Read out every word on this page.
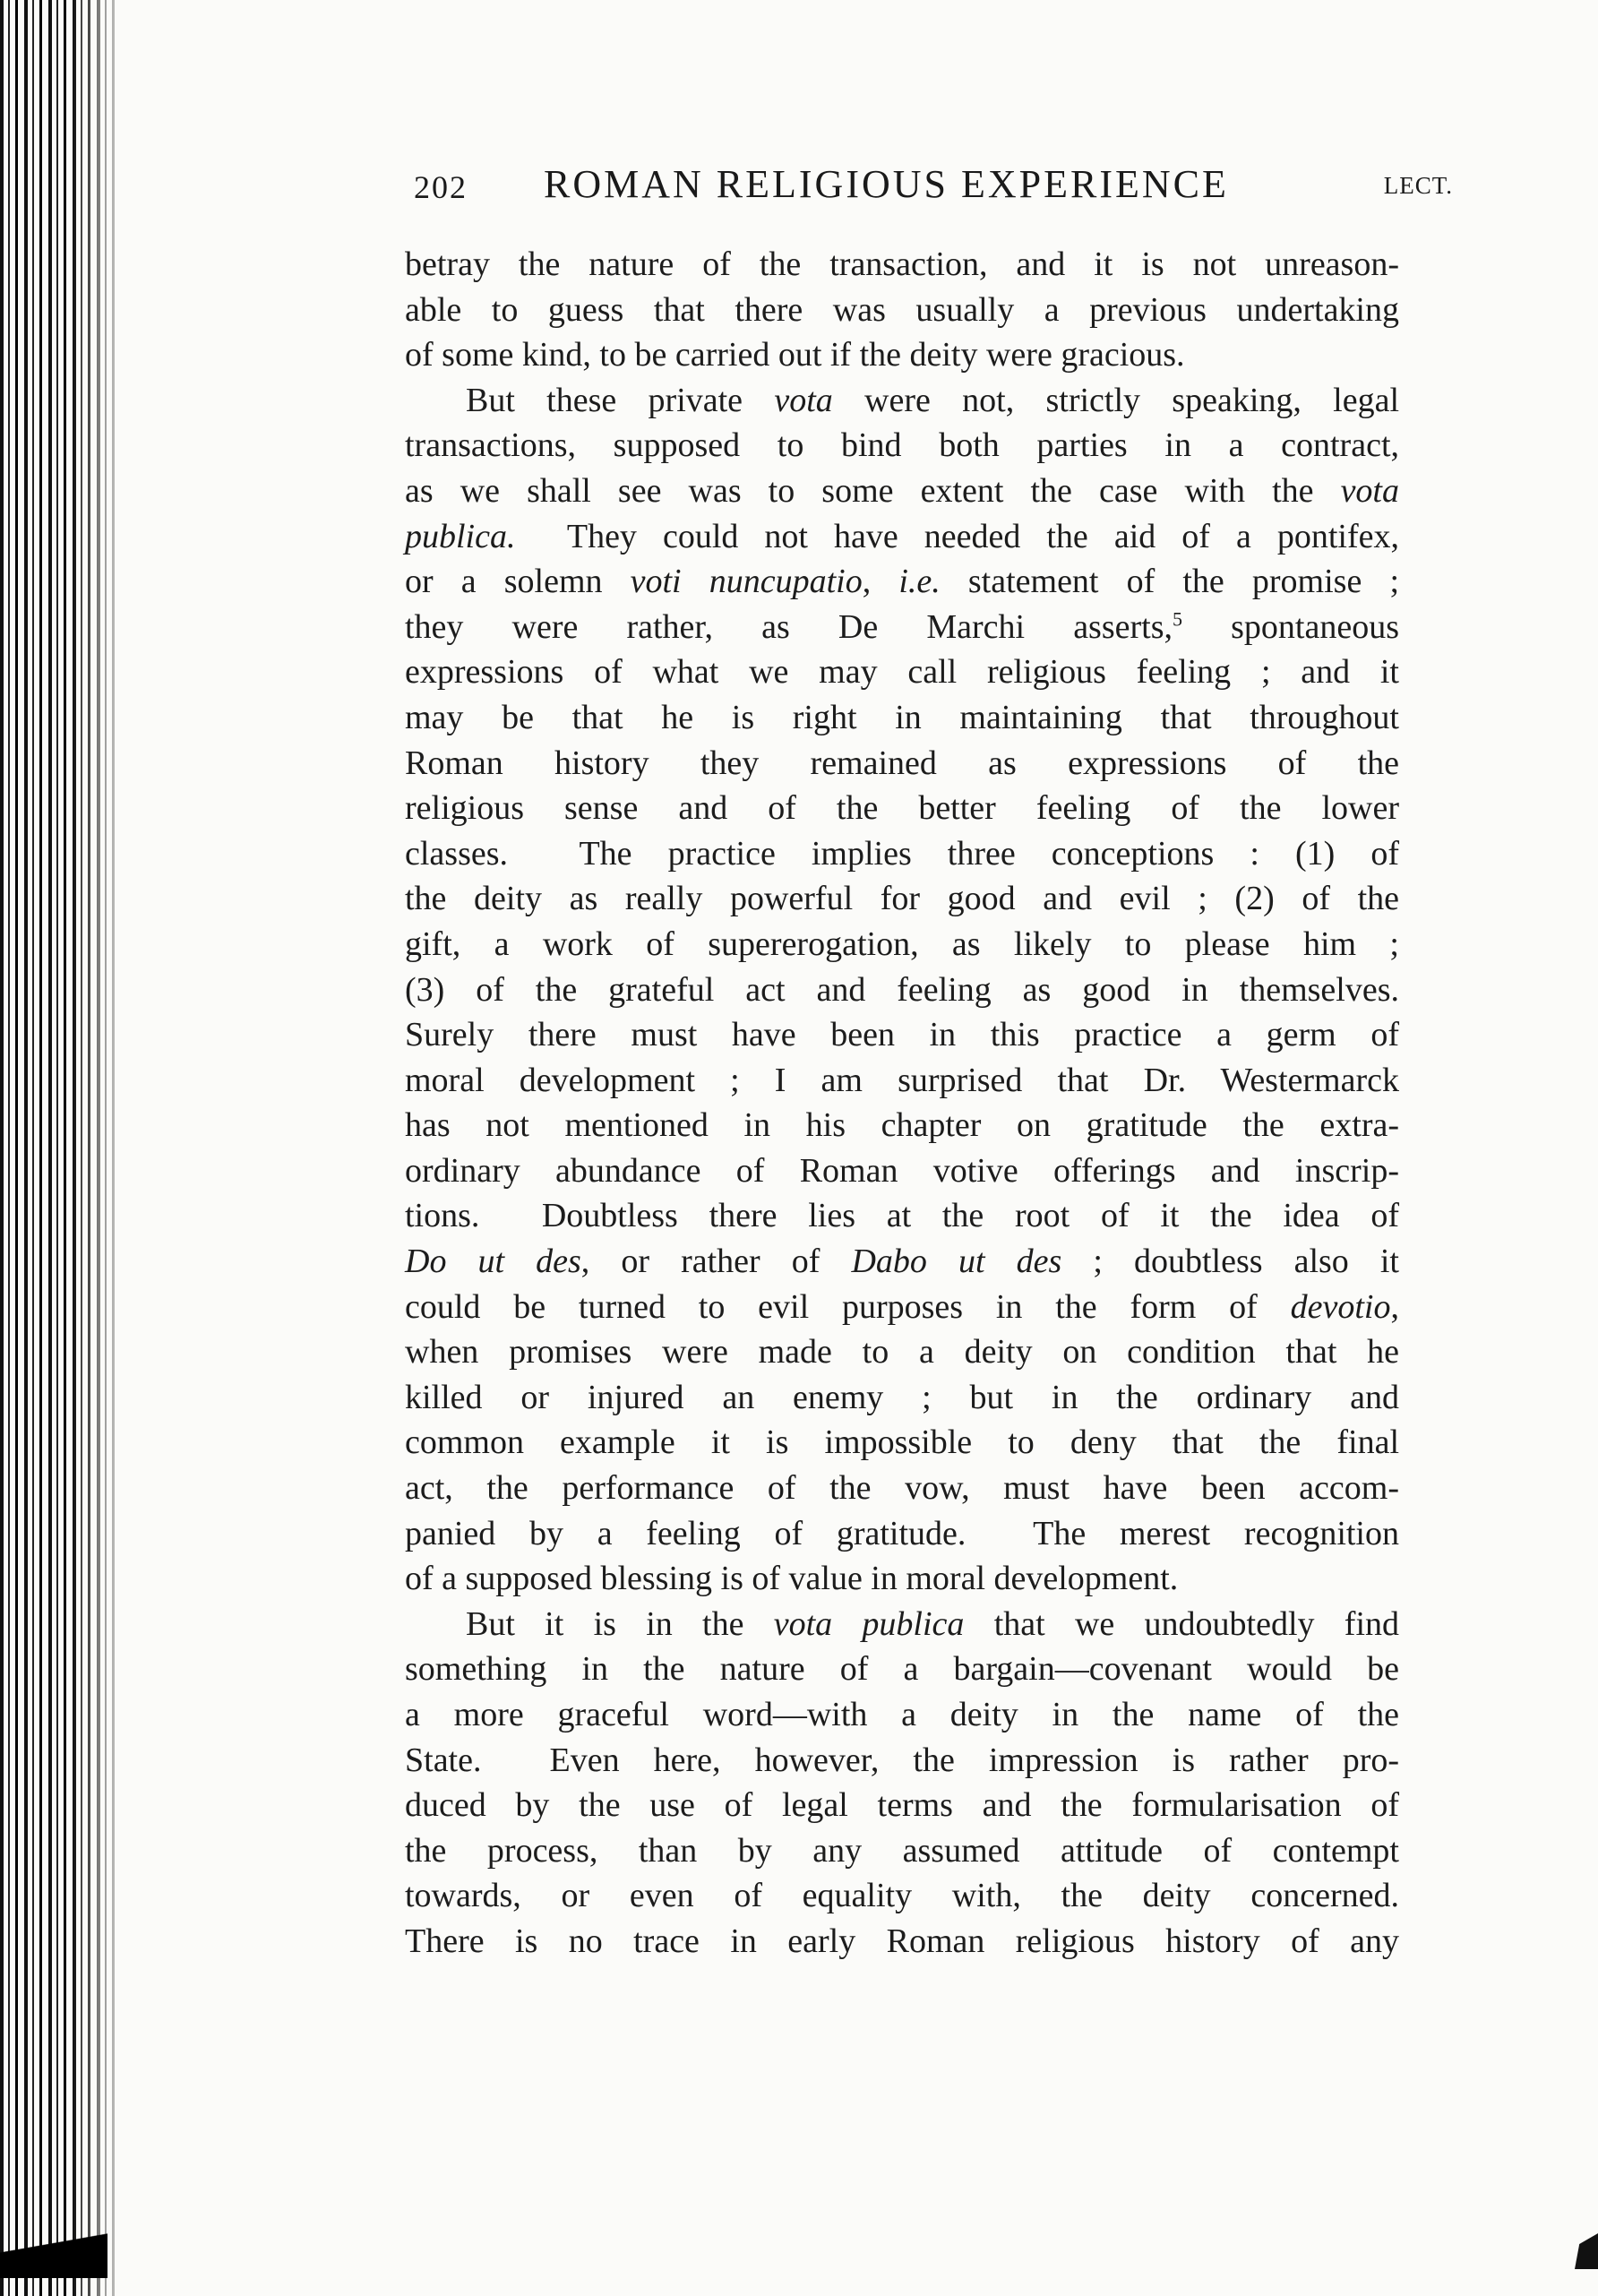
202 ROMAN RELIGIOUS EXPERIENCE	LECT.
betray the nature of the transaction, and it is not unreason-
able to guess that there was usually a previous undertaking
of some kind, to be carried out if the deity were gracious.
But these private vota were not, strictly speaking, legal
transactions, supposed to bind both parties in a contract,
as we shall see was to some extent the case with the vota
publica.  They could not have needed the aid of a pontifex,
or a solemn voti nuncupatio, i.e. statement of the promise ;
they were rather, as De Marchi asserts,$^5$ spontaneous
expressions of what we may call religious feeling ; and it
may be that he is right in maintaining that throughout
Roman history they remained as expressions of the
religious sense and of the better feeling of the lower
classes.  The practice implies three conceptions : (1) of
the deity as really powerful for good and evil ; (2) of the
gift, a work of supererogation, as likely to please him ;
(3) of the grateful act and feeling as good in themselves.
Surely there must have been in this practice a germ of
moral development ; I am surprised that Dr. Westermarck
has not mentioned in his chapter on gratitude the extra-
ordinary abundance of Roman votive offerings and inscrip-
tions.  Doubtless there lies at the root of it the idea of
Do ut des, or rather of Dabo ut des ; doubtless also it
could be turned to evil purposes in the form of devotio,
when promises were made to a deity on condition that he
killed or injured an enemy ; but in the ordinary and
common example it is impossible to deny that the final
act, the performance of the vow, must have been accom-
panied by a feeling of gratitude.  The merest recognition
of a supposed blessing is of value in moral development.
But it is in the vota publica that we undoubtedly find
something in the nature of a bargain—covenant would be
a more graceful word—with a deity in the name of the
State.  Even here, however, the impression is rather pro-
duced by the use of legal terms and the formularisation of
the process, than by any assumed attitude of contempt
towards, or even of equality with, the deity concerned.
There is no trace in early Roman religious history of any
